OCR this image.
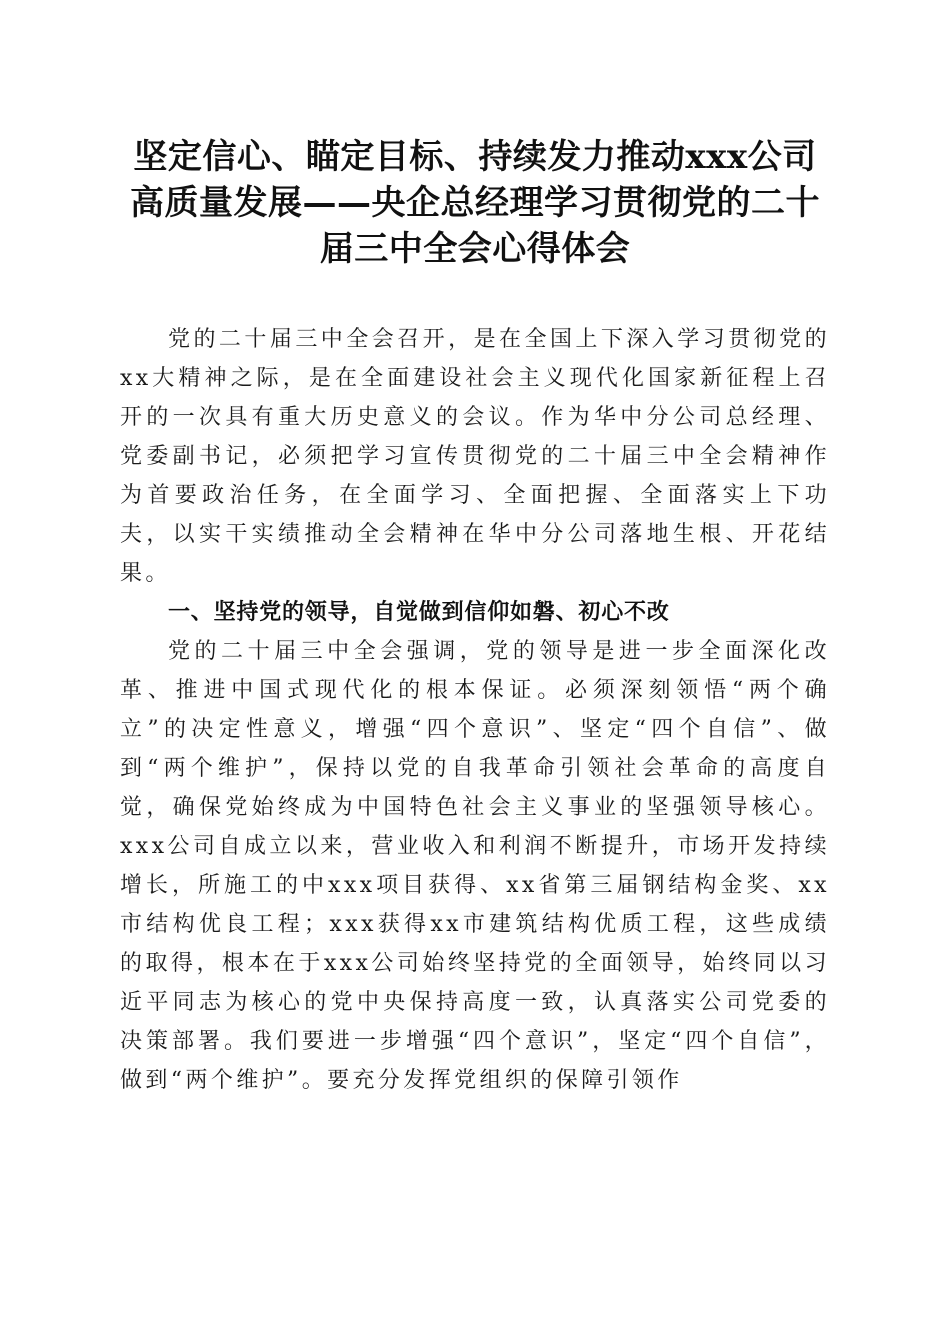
坚定信心、瞄定目标、持续发力推动xxx公司
高质量发展——央企总经理学习贯彻党的二十
届三中全会心得体会

党的二十届三中全会召开，是在全国上下深入学习贯彻党的xx大精神之际，是在全面建设社会主义现代化国家新征程上召开的一次具有重大历史意义的会议。作为华中分公司总经理、党委副书记，必须把学习宣传贯彻党的二十届三中全会精神作为首要政治任务，在全面学习、全面把握、全面落实上下功夫，以实干实绩推动全会精神在华中分公司落地生根、开花结果。

一、坚持党的领导，自觉做到信仰如磐、初心不改

党的二十届三中全会强调，党的领导是进一步全面深化改革、推进中国式现代化的根本保证。必须深刻领悟“两个确立”的决定性意义，增强“四个意识”、坚定“四个自信”、做到“两个维护”，保持以党的自我革命引领社会革命的高度自觉，确保党始终成为中国特色社会主义事业的坚强领导核心。xxx公司自成立以来，营业收入和利润不断提升，市场开发持续增长，所施工的中xxx项目获得、xx省第三届钢结构金奖、xx市结构优良工程；xxx获得xx市建筑结构优质工程，这些成绩的取得，根本在于xxx公司始终坚持党的全面领导，始终同以习近平同志为核心的党中央保持高度一致，认真落实公司党委的决策部署。我们要进一步增强“四个意识”，坚定“四个自信”，做到“两个维护”。要充分发挥党组织的保障引领作
